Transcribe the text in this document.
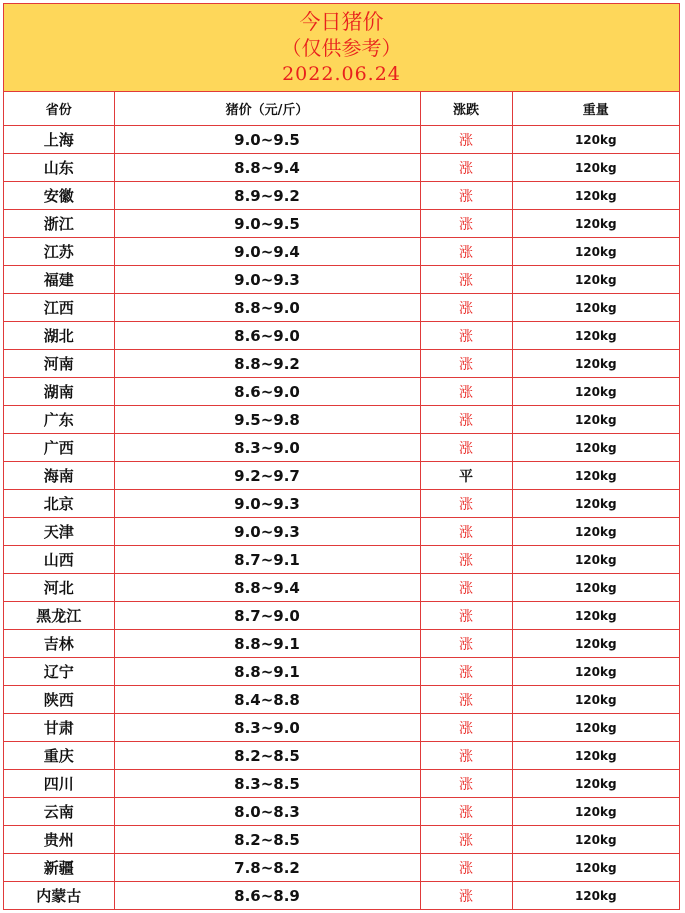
今日猪价
（仅供参考）
2022.06.24
省份	猪价（元/斤）	涨跌	重量
上海	9.0~9.5	涨	120kg
山东	8.8~9.4	涨	120kg
安徽	8.9~9.2	涨	120kg
浙江	9.0~9.5	涨	120kg
江苏	9.0~9.4	涨	120kg
福建	9.0~9.3	涨	120kg
江西	8.8~9.0	涨	120kg
湖北	8.6~9.0	涨	120kg
河南	8.8~9.2	涨	120kg
湖南	8.6~9.0	涨	120kg
广东	9.5~9.8	涨	120kg
广西	8.3~9.0	涨	120kg
海南	9.2~9.7	平	120kg
北京	9.0~9.3	涨	120kg
天津	9.0~9.3	涨	120kg
山西	8.7~9.1	涨	120kg
河北	8.8~9.4	涨	120kg
黑龙江	8.7~9.0	涨	120kg
吉林	8.8~9.1	涨	120kg
辽宁	8.8~9.1	涨	120kg
陕西	8.4~8.8	涨	120kg
甘肃	8.3~9.0	涨	120kg
重庆	8.2~8.5	涨	120kg
四川	8.3~8.5	涨	120kg
云南	8.0~8.3	涨	120kg
贵州	8.2~8.5	涨	120kg
新疆	7.8~8.2	涨	120kg
内蒙古	8.6~8.9	涨	120kg
